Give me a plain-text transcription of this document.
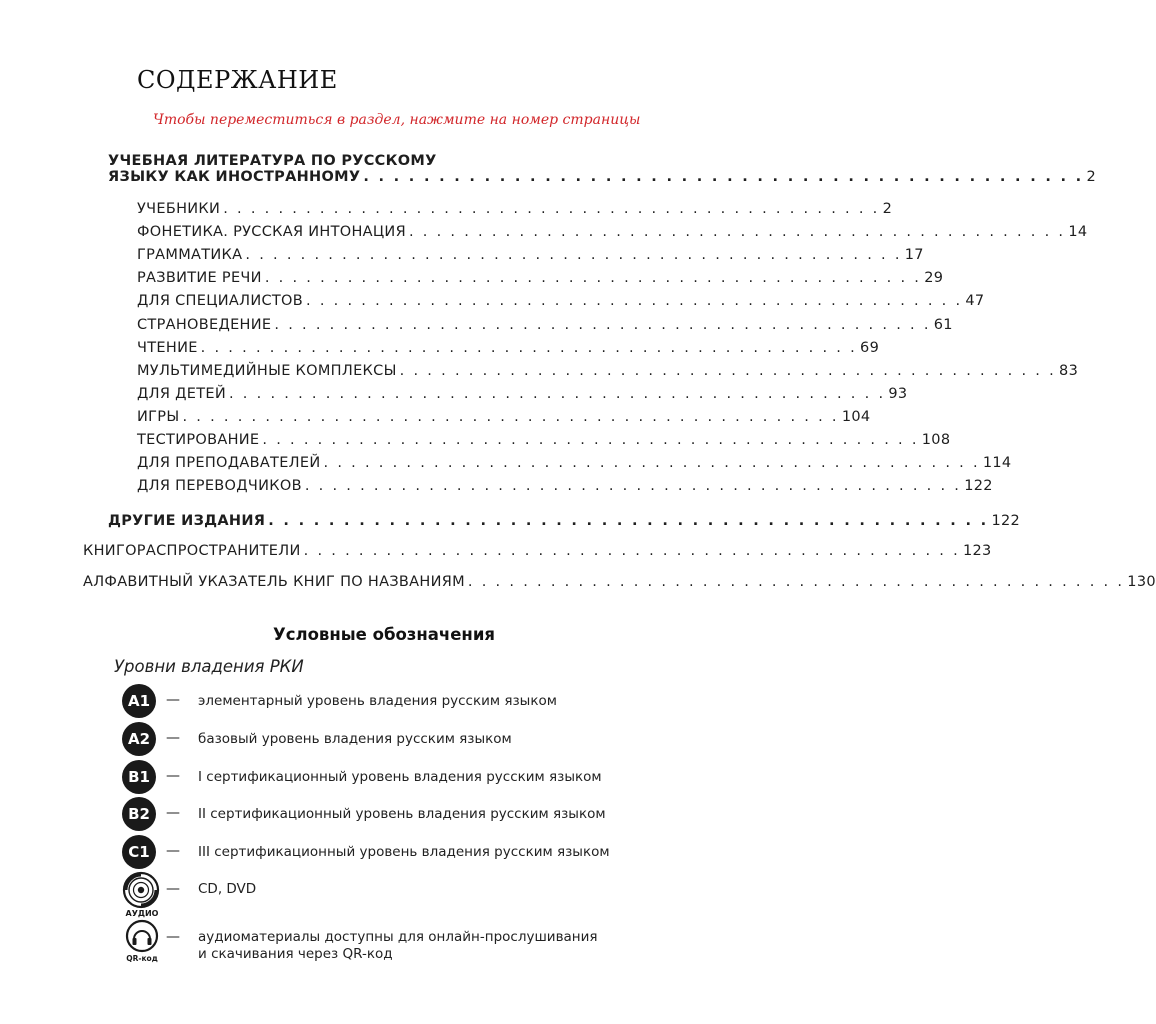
СОДЕРЖАНИЕ
Чтобы переместиться в раздел, нажмите на номер страницы
УЧЕБНАЯ ЛИТЕРАТУРА ПО РУССКОМУ
ЯЗЫКУ КАК ИНОСТРАННОМУ . . . . . . . . . . . . . . . . . . . . . . . . . . . . . . . . . . . . . . . . . . . . . . . . 2
УЧЕБНИКИ . . . . . . . . . . . . . . . . . . . . . . . . . . . . . . . . . . . . . . . . . . . . . . . . 2
ФОНЕТИКА. РУССКАЯ ИНТОНАЦИЯ . . . . . . . . . . . . . . . . . . . . . . . . . . . . . . . . . . . . . . . . . . . . . . . . 14
ГРАММАТИКА . . . . . . . . . . . . . . . . . . . . . . . . . . . . . . . . . . . . . . . . . . . . . . . . 17
РАЗВИТИЕ РЕЧИ . . . . . . . . . . . . . . . . . . . . . . . . . . . . . . . . . . . . . . . . . . . . . . . . 29
ДЛЯ СПЕЦИАЛИСТОВ . . . . . . . . . . . . . . . . . . . . . . . . . . . . . . . . . . . . . . . . . . . . . . . . 47
СТРАНОВЕДЕНИЕ . . . . . . . . . . . . . . . . . . . . . . . . . . . . . . . . . . . . . . . . . . . . . . . . 61
ЧТЕНИЕ . . . . . . . . . . . . . . . . . . . . . . . . . . . . . . . . . . . . . . . . . . . . . . . . 69
МУЛЬТИМЕДИЙНЫЕ КОМПЛЕКСЫ . . . . . . . . . . . . . . . . . . . . . . . . . . . . . . . . . . . . . . . . . . . . . . . . 83
ДЛЯ ДЕТЕЙ . . . . . . . . . . . . . . . . . . . . . . . . . . . . . . . . . . . . . . . . . . . . . . . . 93
ИГРЫ . . . . . . . . . . . . . . . . . . . . . . . . . . . . . . . . . . . . . . . . . . . . . . . . 104
ТЕСТИРОВАНИЕ . . . . . . . . . . . . . . . . . . . . . . . . . . . . . . . . . . . . . . . . . . . . . . . . 108
ДЛЯ ПРЕПОДАВАТЕЛЕЙ . . . . . . . . . . . . . . . . . . . . . . . . . . . . . . . . . . . . . . . . . . . . . . . . 114
ДЛЯ ПЕРЕВОДЧИКОВ . . . . . . . . . . . . . . . . . . . . . . . . . . . . . . . . . . . . . . . . . . . . . . . . 122
ДРУГИЕ ИЗДАНИЯ . . . . . . . . . . . . . . . . . . . . . . . . . . . . . . . . . . . . . . . . . . . . . . . . 122
КНИГОРАСПРОСТРАНИТЕЛИ . . . . . . . . . . . . . . . . . . . . . . . . . . . . . . . . . . . . . . . . . . . . . . . . 123
АЛФАВИТНЫЙ УКАЗАТЕЛЬ КНИГ ПО НАЗВАНИЯМ . . . . . . . . . . . . . . . . . . . . . . . . . . . . . . . . . . . . . . . . . . . . . . . . 130
Условные обозначения
Уровни владения РКИ
A1	— элементарный уровень владения русским языком
A2	— базовый уровень владения русским языком
B1	— I сертификационный уровень владения русским языком
B2	— II сертификационный уровень владения русским языком
C1	— III сертификационный уровень владения русским языком
— CD, DVD
АУДИО
QR-код
— аудиоматериалы доступны для онлайн-прослушивания
и скачивания через QR-код
